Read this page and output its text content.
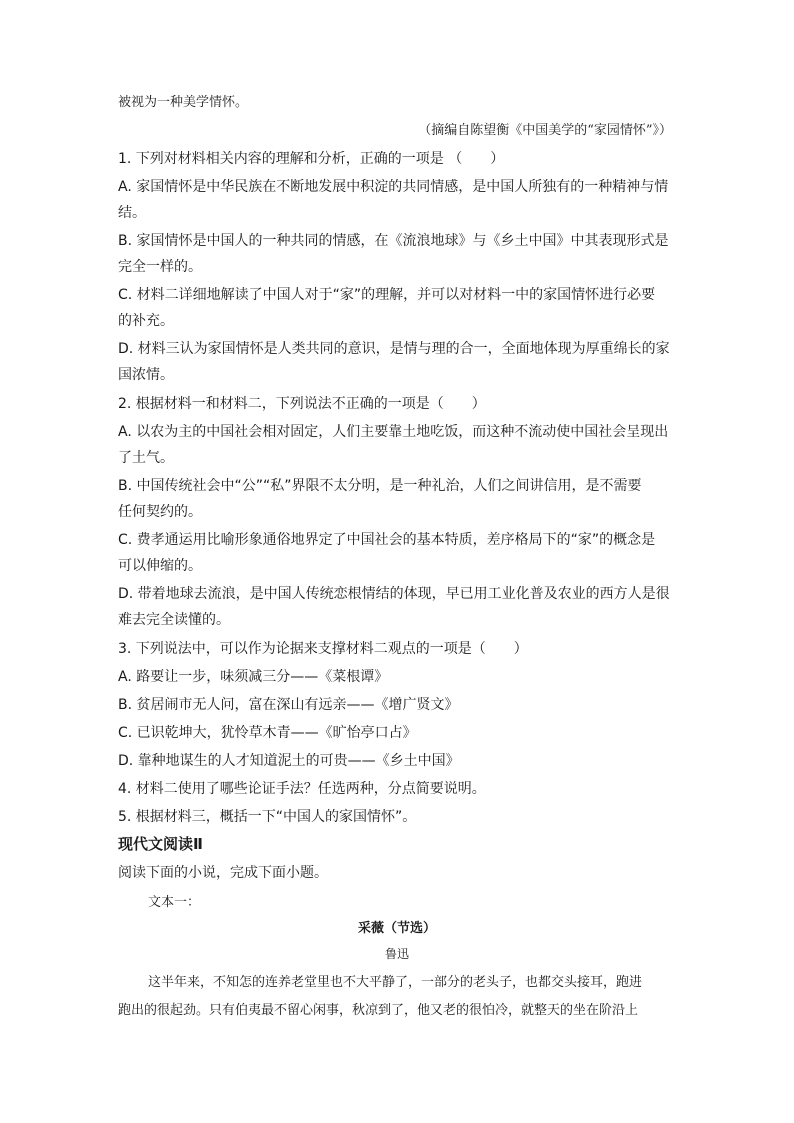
被视为一种美学情怀。
（摘编自陈望衡《中国美学的“家园情怀”》）
1. 下列对材料相关内容的理解和分析，正确的一项是 （　　）
A. 家国情怀是中华民族在不断地发展中积淀的共同情感，是中国人所独有的一种精神与情
结。
B. 家国情怀是中国人的一种共同的情感，在《流浪地球》与《乡土中国》中其表现形式是
完全一样的。
C. 材料二详细地解读了中国人对于“家”的理解，并可以对材料一中的家国情怀进行必要
的补充。
D. 材料三认为家国情怀是人类共同的意识，是情与理的合一，全面地体现为厚重绵长的家
国浓情。
2. 根据材料一和材料二，下列说法不正确的一项是（　　）
A. 以农为主的中国社会相对固定，人们主要靠土地吃饭，而这种不流动使中国社会呈现出
了土气。
B. 中国传统社会中“公”“私”界限不太分明，是一种礼治，人们之间讲信用，是不需要
任何契约的。
C. 费孝通运用比喻形象通俗地界定了中国社会的基本特质，差序格局下的“家”的概念是
可以伸缩的。
D. 带着地球去流浪，是中国人传统恋根情结的体现，早已用工业化普及农业的西方人是很
难去完全读懂的。
3. 下列说法中，可以作为论据来支撑材料二观点的一项是（　　）
A. 路要让一步，味须减三分——《菜根谭》
B. 贫居闹市无人问，富在深山有远亲——《增广贤文》
C. 已识乾坤大，犹怜草木青——《旷怡亭口占》
D. 靠种地谋生的人才知道泥土的可贵——《乡土中国》
4. 材料二使用了哪些论证手法？任选两种，分点简要说明。
5. 根据材料三，概括一下“中国人的家国情怀”。
现代文阅读Ⅱ
阅读下面的小说，完成下面小题。
文本一：
采薇（节选）
鲁迅
这半年来，不知怎的连养老堂里也不大平静了，一部分的老头子，也都交头接耳，跑进
跑出的很起劲。只有伯夷最不留心闲事，秋凉到了，他又老的很怕冷，就整天的坐在阶沿上
